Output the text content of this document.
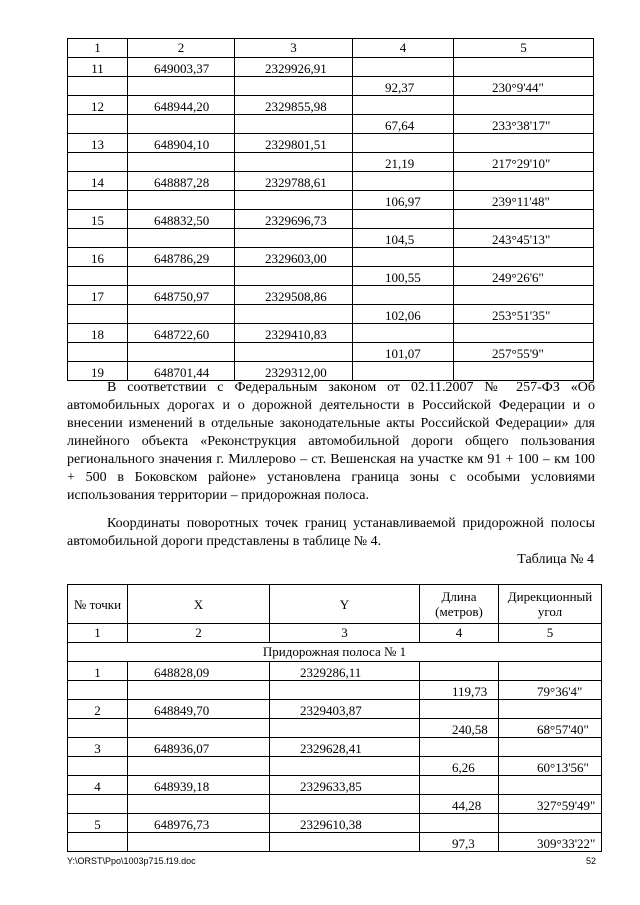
1	2	3	4	5
11	649003,37	2329926,91		
			92,37	230°9'44"
12	648944,20	2329855,98		
			67,64	233°38'17"
13	648904,10	2329801,51		
			21,19	217°29'10"
14	648887,28	2329788,61		
			106,97	239°11'48"
15	648832,50	2329696,73		
			104,5	243°45'13"
16	648786,29	2329603,00		
			100,55	249°26'6"
17	648750,97	2329508,86		
			102,06	253°51'35"
18	648722,60	2329410,83		
			101,07	257°55'9"
19	648701,44	2329312,00		

В соответствии с Федеральным законом от 02.11.2007 № 257-ФЗ «Об автомобильных дорогах и о дорожной деятельности в Российской Федерации и о внесении изменений в отдельные законодательные акты Российской Федерации» для линейного объекта «Реконструкция автомобильной дороги общего пользования регионального значения г. Миллерово – ст. Вешенская на участке км 91 + 100 – км 100 + 500 в Боковском районе» установлена граница зоны с особыми условиями использования территории – придорожная полоса.

Координаты поворотных точек границ устанавливаемой придорожной полосы автомобильной дороги представлены в таблице № 4.

Таблица № 4
№ точки	X	Y	Длина (метров)	Дирекционный угол
1	2	3	4	5
Придорожная полоса № 1				
1	648828,09	2329286,11		
			119,73	79°36'4"
2	648849,70	2329403,87		
			240,58	68°57'40"
3	648936,07	2329628,41		
			6,26	60°13'56"
4	648939,18	2329633,85		
			44,28	327°59'49"
5	648976,73	2329610,38		
			97,3	309°33'22"
Y:\ORST\Ppo\1003p715.f19.doc	52
